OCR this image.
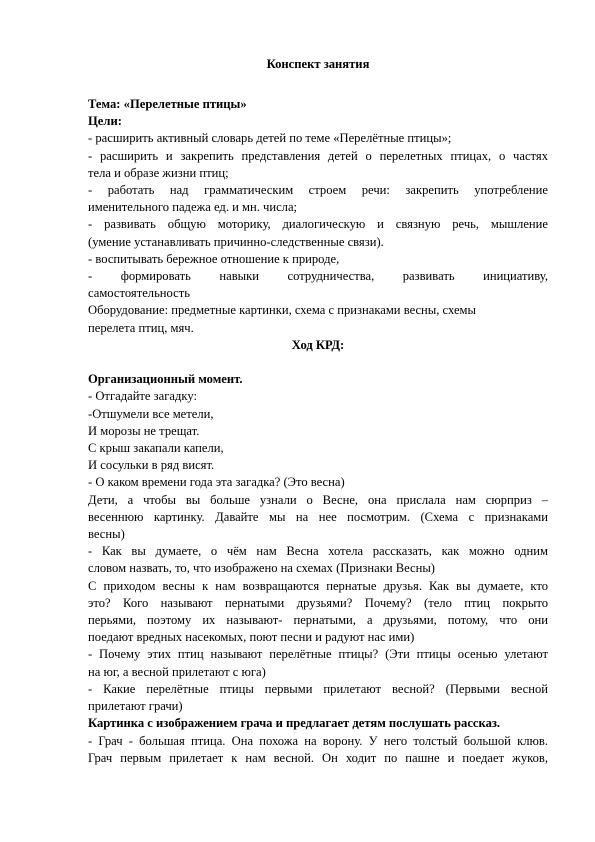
Конспект занятия
Тема: «Перелетные птицы»
Цели:
- расширить активный словарь детей по теме «Перелётные птицы»;
- расширить и закрепить представления детей о перелетных птицах, о частях
тела и образе жизни птиц;
- работать над грамматическим строем речи: закрепить употребление
именительного падежа ед. и мн. числа;
- развивать общую моторику, диалогическую и связную речь, мышление
(умение устанавливать причинно-следственные связи).
- воспитывать бережное отношение к природе,
- формировать навыки сотрудничества, развивать инициативу,
самостоятельность
Оборудование: предметные картинки, схема с признаками весны, схемы
перелета птиц, мяч.
Ход КРД:
Организационный момент.
- Отгадайте загадку:
-Отшумели все метели,
И морозы не трещат.
С крыш закапали капели,
И сосульки в ряд висят.
- О каком времени года эта загадка? (Это весна)
Дети, а чтобы вы больше узнали о Весне, она прислала нам сюрприз –
весеннюю картинку. Давайте мы на нее посмотрим. (Схема с признаками
весны)
- Как вы думаете, о чём нам Весна хотела рассказать, как можно одним
словом назвать, то, что изображено на схемах (Признаки Весны)
С приходом весны к нам возвращаются пернатые друзья. Как вы думаете, кто
это? Кого называют пернатыми друзьями? Почему? (тело птиц покрыто
перьями, поэтому их называют- пернатыми, а друзьями, потому, что они
поедают вредных насекомых, поют песни и радуют нас ими)
- Почему этих птиц называют перелётные птицы? (Эти птицы осенью улетают
на юг, а весной прилетают с юга)
- Какие перелётные птицы первыми прилетают весной? (Первыми весной
прилетают грачи)
Картинка с изображением грача и предлагает детям послушать рассказ.
- Грач - большая птица. Она похожа на ворону. У него толстый большой клюв.
Грач первым прилетает к нам весной. Он ходит по пашне и поедает жуков,
